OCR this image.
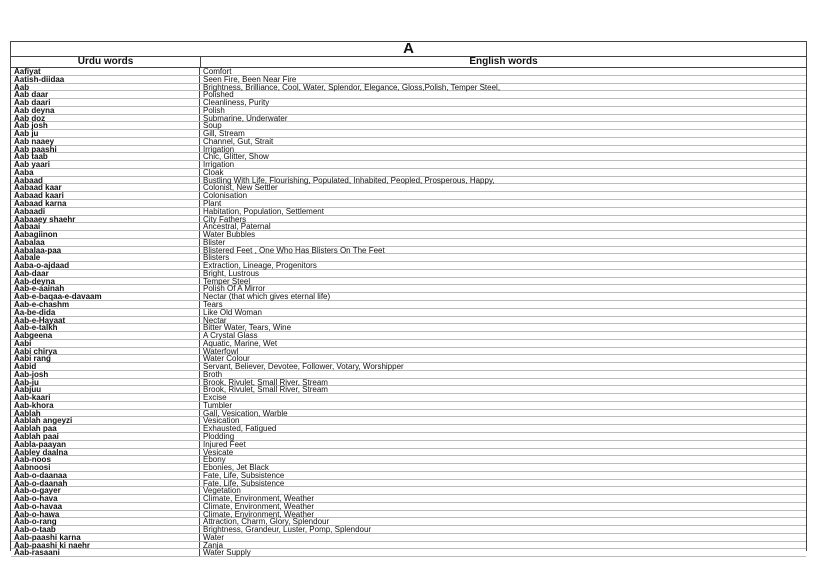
A
Urdu words	English words
Aafiyat	Comfort
Aatish-diidaa	Seen Fire, Been Near Fire
Aab	Brightness, Brilliance, Cool, Water, Splendor, Elegance, Gloss,Polish, Temper Steel,
Aab daar	Polished
Aab daari	Cleanliness, Purity
Aab deyna	Polish
Aab doz	Submarine, Underwater
Aab josh	Soup
Aab ju	Gill, Stream
Aab naaey	Channel, Gut, Strait
Aab paashi	Irrigation
Aab taab	Chic, Glitter, Show
Aab yaari	Irrigation
Aaba	Cloak
Aabaad	Bustling With Life, Flourishing, Populated, Inhabited, Peopled, Prosperous, Happy,
Aabaad kaar	Colonist, New Settler
Aabaad kaari	Colonisation
Aabaad karna	Plant
Aabaadi	Habitation, Population, Settlement
Aabaaey shaehr	City Fathers
Aabaai	Ancestral, Paternal
Aabagiinon	Water Bubbles
Aabalaa	Blister
Aabalaa-paa	Blistered Feet , One Who Has Blisters On The Feet
Aabale	Blisters
Aaba-o-ajdaad	Extraction, Lineage, Progenitors
Aab-daar	Bright, Lustrous
Aab-deyna	Temper Steel
Aab-e-aainah	Polish Of A Mirror
Aab-e-baqaa-e-davaam	Nectar (that which gives eternal life)
Aab-e-chashm	Tears
Aa-be-dida	Like Old Woman
Aab-e-Hayaat	Nectar
Aab-e-talkh	Bitter Water, Tears, Wine
Aabgeena	A Crystal Glass
Aabi	Aquatic, Marine, Wet
Aabi chirya	Waterfowl
Aabi rang	Water Colour
Aabid	Servant, Believer, Devotee, Follower, Votary, Worshipper
Aab-josh	Broth
Aab-ju	Brook, Rivulet, Small River, Stream
Aabjuu	Brook, Rivulet, Small River, Stream
Aab-kaari	Excise
Aab-khora	Tumbler
Aablah	Gall, Vesication, Warble
Aablah angeyzi	Vesication
Aablah paa	Exhausted, Fatigued
Aablah paai	Plodding
Aabla-paayan	Injured Feet
Aabley daalna	Vesicate
Aab-noos	Ebony
Aabnoosi	Ebonies, Jet Black
Aab-o-daanaa	Fate, Life, Subsistence
Aab-o-daanah	Fate, Life, Subsistence
Aab-o-gayer	Vegetation
Aab-o-hava	Climate, Environment, Weather
Aab-o-havaa	Climate, Environment, Weather
Aab-o-hawa	Climate, Environment, Weather
Aab-o-rang	Attraction, Charm, Glory, Splendour
Aab-o-taab	Brightness, Grandeur, Luster, Pomp, Splendour
Aab-paashi karna	Water
Aab-paashi ki naehr	Zanja
Aab-rasaani	Water Supply
